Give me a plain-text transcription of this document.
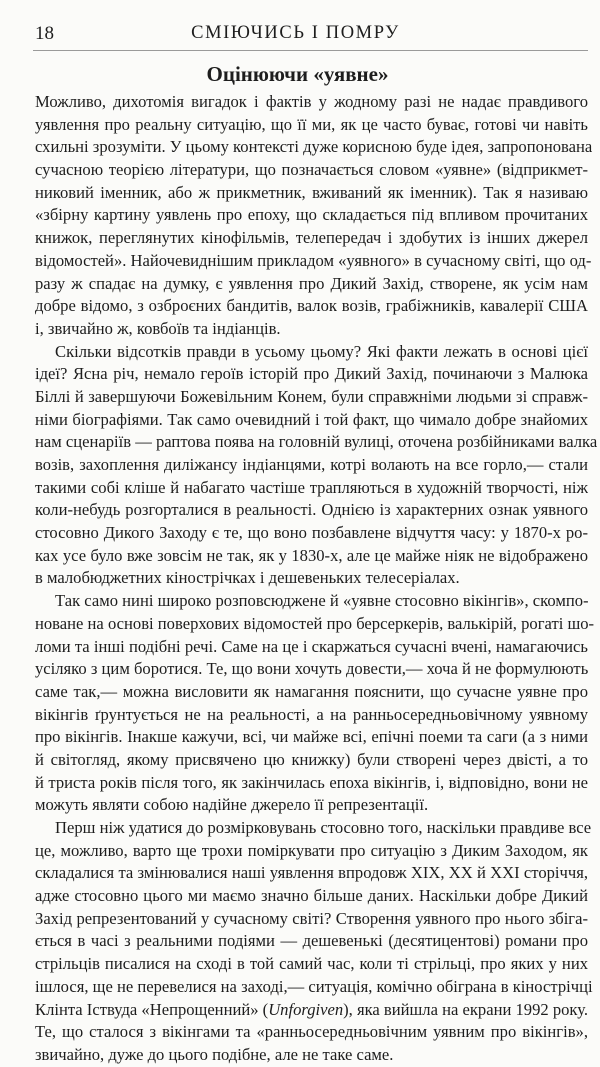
18	СМІЮЧИСЬ І ПОМРУ
Оцінюючи «уявне»
Можливо, дихотомія вигадок і фактів у жодному разі не надає правдивого
уявлення про реальну ситуацію, що її ми, як це часто буває, готові чи навіть
схильні зрозуміти. У цьому контексті дуже корисною буде ідея, запропонована
сучасною теорією літератури, що позначається словом «уявне» (відприкмет-
никовий іменник, або ж прикметник, вживаний як іменник). Так я називаю
«збірну картину уявлень про епоху, що складається під впливом прочитаних
книжок, переглянутих кінофільмів, телепередач і здобутих із інших джерел
відомостей». Найочевиднішим прикладом «уявного» в сучасному світі, що од-
разу ж спадає на думку, є уявлення про Дикий Захід, створене, як усім нам
добре відомо, з озброєних бандитів, валок возів, грабіжників, кавалерії США
і, звичайно ж, ковбоїв та індіанців.
Скільки відсотків правди в усьому цьому? Які факти лежать в основі цієї
ідеї? Ясна річ, немало героїв історій про Дикий Захід, починаючи з Малюка
Біллі й завершуючи Божевільним Конем, були справжніми людьми зі справж-
німи біографіями. Так само очевидний і той факт, що чимало добре знайомих
нам сценаріїв — раптова поява на головній вулиці, оточена розбійниками валка
возів, захоплення диліжансу індіанцями, котрі волають на все горло,— стали
такими собі кліше й набагато частіше трапляються в художній творчості, ніж
коли-небудь розгорталися в реальності. Однією із характерних ознак уявного
стосовно Дикого Заходу є те, що воно позбавлене відчуття часу: у 1870-х ро-
ках усе було вже зовсім не так, як у 1830-х, але це майже ніяк не відображено
в малобюджетних кінострічках і дешевеньких телесеріалах.
Так само нині широко розповсюджене й «уявне стосовно вікінгів», скомпо-
новане на основі поверхових відомостей про берсеркерів, валькірій, рогаті шо-
ломи та інші подібні речі. Саме на це і скаржаться сучасні вчені, намагаючись
усіляко з цим боротися. Те, що вони хочуть довести,— хоча й не формулюють
саме так,— можна висловити як намагання пояснити, що сучасне уявне про
вікінгів ґрунтується не на реальності, а на ранньосередньовічному уявному
про вікінгів. Інакше кажучи, всі, чи майже всі, епічні поеми та саги (а з ними
й світогляд, якому присвячено цю книжку) були створені через двісті, а то
й триста років після того, як закінчилась епоха вікінгів, і, відповідно, вони не
можуть являти собою надійне джерело її репрезентації.
Перш ніж удатися до розмірковувань стосовно того, наскільки правдиве все
це, можливо, варто ще трохи поміркувати про ситуацію з Диким Заходом, як
складалися та змінювалися наші уявлення впродовж XIX, XX й XXI сторіччя,
адже стосовно цього ми маємо значно більше даних. Наскільки добре Дикий
Захід репрезентований у сучасному світі? Створення уявного про нього збіга-
ється в часі з реальними подіями — дешевенькі (десятицентові) романи про
стрільців писалися на сході в той самий час, коли ті стрільці, про яких у них
ішлося, ще не перевелися на заході,— ситуація, комічно обіграна в кінострічці
Клінта Іствуда «Непрощенний» (Unforgiven), яка вийшла на екрани 1992 року.
Те, що сталося з вікінгами та «ранньосередньовічним уявним про вікінгів»,
звичайно, дуже до цього подібне, але не таке саме.
